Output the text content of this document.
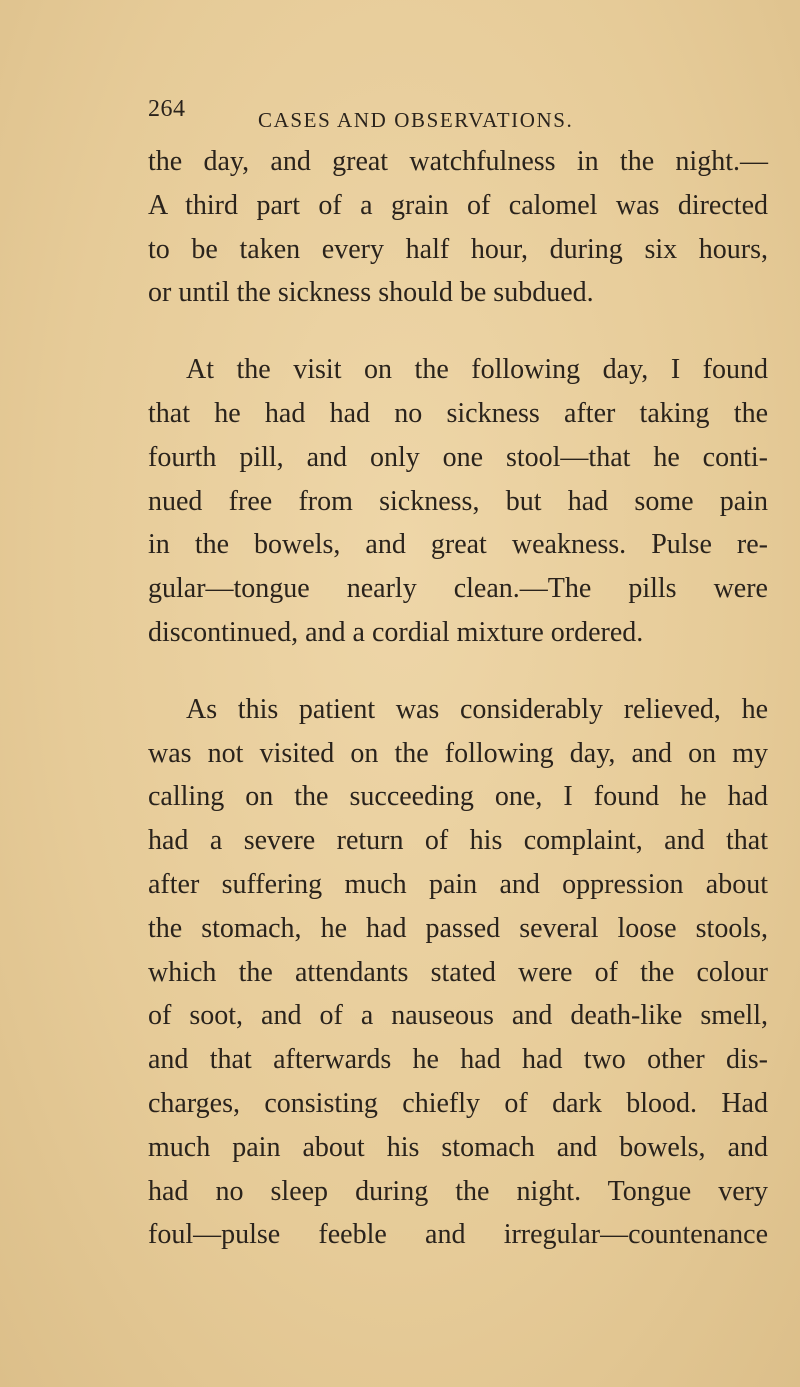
264	CASES AND OBSERVATIONS.
the day, and great watchfulness in the night.—
A third part of a grain of calomel was directed
to be taken every half hour, during six hours,
or until the sickness should be subdued.
At the visit on the following day, I found
that he had had no sickness after taking the
fourth pill, and only one stool—that he conti-
nued free from sickness, but had some pain
in the bowels, and great weakness. Pulse re-
gular—tongue nearly clean.—The pills were
discontinued, and a cordial mixture ordered.
As this patient was considerably relieved, he
was not visited on the following day, and on my
calling on the succeeding one, I found he had
had a severe return of his complaint, and that
after suffering much pain and oppression about
the stomach, he had passed several loose stools,
which the attendants stated were of the colour
of soot, and of a nauseous and death-like smell,
and that afterwards he had had two other dis-
charges, consisting chiefly of dark blood. Had
much pain about his stomach and bowels, and
had no sleep during the night. Tongue very
foul—pulse feeble and irregular—countenance
